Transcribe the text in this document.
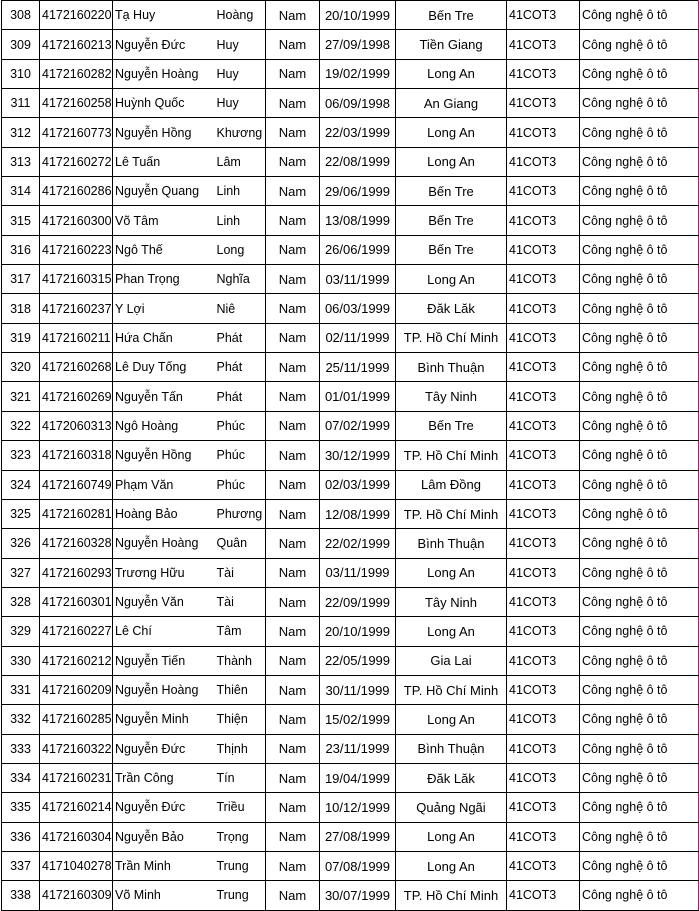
308	4172160220	Tạ Huy	Hoàng	Nam	20/10/1999	Bến Tre	41COT3	Công nghệ ô tô
309	4172160213	Nguyễn Đức	Huy	Nam	27/09/1998	Tiền Giang	41COT3	Công nghệ ô tô
310	4172160282	Nguyễn Hoàng	Huy	Nam	19/02/1999	Long An	41COT3	Công nghệ ô tô
311	4172160258	Huỳnh Quốc	Huy	Nam	06/09/1998	An Giang	41COT3	Công nghệ ô tô
312	4172160773	Nguyễn Hồng	Khương	Nam	22/03/1999	Long An	41COT3	Công nghệ ô tô
313	4172160272	Lê Tuấn	Lâm	Nam	22/08/1999	Long An	41COT3	Công nghệ ô tô
314	4172160286	Nguyễn Quang	Linh	Nam	29/06/1999	Bến Tre	41COT3	Công nghệ ô tô
315	4172160300	Võ Tâm	Linh	Nam	13/08/1999	Bến Tre	41COT3	Công nghệ ô tô
316	4172160223	Ngô Thế	Long	Nam	26/06/1999	Bến Tre	41COT3	Công nghệ ô tô
317	4172160315	Phan Trọng	Nghĩa	Nam	03/11/1999	Long An	41COT3	Công nghệ ô tô
318	4172160237	Y Lợi	Niê	Nam	06/03/1999	Đăk Lăk	41COT3	Công nghệ ô tô
319	4172160211	Hứa Chấn	Phát	Nam	02/11/1999	TP. Hồ Chí Minh	41COT3	Công nghệ ô tô
320	4172160268	Lê Duy Tống	Phát	Nam	25/11/1999	Bình Thuận	41COT3	Công nghệ ô tô
321	4172160269	Nguyễn Tấn	Phát	Nam	01/01/1999	Tây Ninh	41COT3	Công nghệ ô tô
322	4172060313	Ngô Hoàng	Phúc	Nam	07/02/1999	Bến Tre	41COT3	Công nghệ ô tô
323	4172160318	Nguyễn Hồng	Phúc	Nam	30/12/1999	TP. Hồ Chí Minh	41COT3	Công nghệ ô tô
324	4172160749	Phạm Văn	Phúc	Nam	02/03/1999	Lâm Đồng	41COT3	Công nghệ ô tô
325	4172160281	Hoàng Bảo	Phương	Nam	12/08/1999	TP. Hồ Chí Minh	41COT3	Công nghệ ô tô
326	4172160328	Nguyễn Hoàng	Quân	Nam	22/02/1999	Bình Thuận	41COT3	Công nghệ ô tô
327	4172160293	Trương Hữu	Tài	Nam	03/11/1999	Long An	41COT3	Công nghệ ô tô
328	4172160301	Nguyễn Văn	Tài	Nam	22/09/1999	Tây Ninh	41COT3	Công nghệ ô tô
329	4172160227	Lê Chí	Tâm	Nam	20/10/1999	Long An	41COT3	Công nghệ ô tô
330	4172160212	Nguyễn Tiến	Thành	Nam	22/05/1999	Gia Lai	41COT3	Công nghệ ô tô
331	4172160209	Nguyễn Hoàng	Thiên	Nam	30/11/1999	TP. Hồ Chí Minh	41COT3	Công nghệ ô tô
332	4172160285	Nguyễn Minh	Thiện	Nam	15/02/1999	Long An	41COT3	Công nghệ ô tô
333	4172160322	Nguyễn Đức	Thịnh	Nam	23/11/1999	Bình Thuận	41COT3	Công nghệ ô tô
334	4172160231	Trần Công	Tín	Nam	19/04/1999	Đăk Lăk	41COT3	Công nghệ ô tô
335	4172160214	Nguyễn Đức	Triều	Nam	10/12/1999	Quảng Ngãi	41COT3	Công nghệ ô tô
336	4172160304	Nguyễn Bảo	Trọng	Nam	27/08/1999	Long An	41COT3	Công nghệ ô tô
337	4171040278	Trần Minh	Trung	Nam	07/08/1999	Long An	41COT3	Công nghệ ô tô
338	4172160309	Võ Minh	Trung	Nam	30/07/1999	TP. Hồ Chí Minh	41COT3	Công nghệ ô tô
